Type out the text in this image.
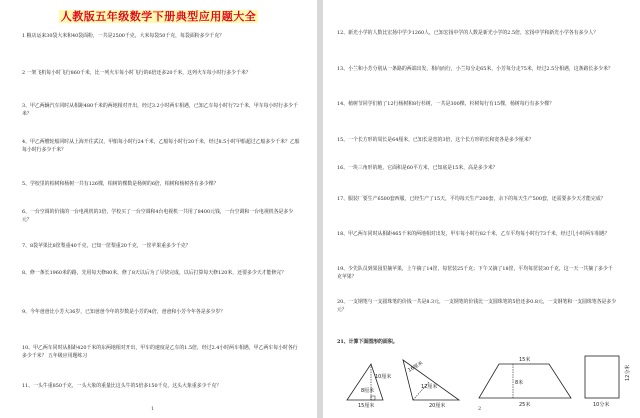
人教版五年级数学下册典型应用题大全

1 粮店运来30袋大米和40袋面粉，一共是2500千克，大米每袋50千克，每袋面粉多少千克？

2 一架飞机每小时飞行860千米，比一列火车每小时飞行的6倍还多20千米，这列火车每小时行多少千米？

3、甲乙两辆汽车同时从相距480千米的两地相对开出，经过3.2小时两车相遇，已知乙车每小时行72千米，甲车每小时行多少千米？

4、甲乙两艘轮船同时从上海开往武汉，甲船每小时行24千米，乙船每小时行20千米，经过8.5小时甲船超过乙船多少千米？乙船每小时行多少千米？

5、学校里的柏树和杨树一共有126棵，柏树的棵数是杨树的6倍，柏树和杨树各有多少棵？

6、一台空调的价钱的一台电视机的3倍，学校买了一台空调和4台电视机一共用了8400元钱，一台空调和一台电视机各是多少元？

7、8袋苹果比8筐梨重40千克，已知一筐梨重20千克，一筐苹果重多少千克？

8、修一条长1960米的路，先用每天修80米，修了8天以后为了尽快完成，以后打算每天修120米，还要多少天才能修完？

9、今年爸爸比小芳大36岁，已知爸爸今年的岁数是小芳的4倍，爸爸和小芳今年各是多少岁？

10、甲乙两车同时从相距420千米的东两地相对开出，甲车的速度是乙车的1.5倍，经过2.4小时两车相遇，甲乙两车每小时各行多少千米？ 五年级应用题练习

11、一头牛重850千克，一头大象的重量比这头牛的5倍多150千克，这头大象重多少千克？

1

12、新光小学的人数比宏扬中学少1260人，已知宏扬中学的人数是新光小学的2.5倍，宏扬中学和新光小学各有多少人？

13、小兰和小芳分别从一条路的两端出发，相向而行，小兰每分走65米，小芳每分走75米，经过2.5分相遇，这条路长多少米？

14、植树节同学们植了12行杨树和8行杉树，一共是300棵，杉树每行有15棵，杨树每行有多少棵？

15、一个长方形的周长是64厘米，已知长是宽的3倍，这个长方形的长和宽各是多少厘米？

16、一块三角形的地，它面积是60平方米，已知底是15米，高是多少米？

17、服装厂要生产6500套西服，已经生产了15天，平均每天生产200套，余下的每天生产500套，还需要多少天才能完成？

18、甲乙两车同时从相距465千米的两地相对出发，甲车每小时行82千米，乙车平均每小时行73千米，经过几小时两车相遇？

19、少先队员到果园里摘苹果，上午摘了14筐，每筐装25千克；下午又摘了18筐，平均每筐装30千克，这一天一共摘了多少千克苹果？

20、一支钢笔与一支圆珠笔的价钱一共是8.3元，一支钢笔的价钱比一支圆珠笔的5倍还多0.8元，一支钢笔和一支圆珠笔各是多少元？

21、计算下面图形的面积。

10厘米
8厘米
15厘米
16厘米
12厘米
20厘米
15米
8米
25米
12分米
10分米
2
